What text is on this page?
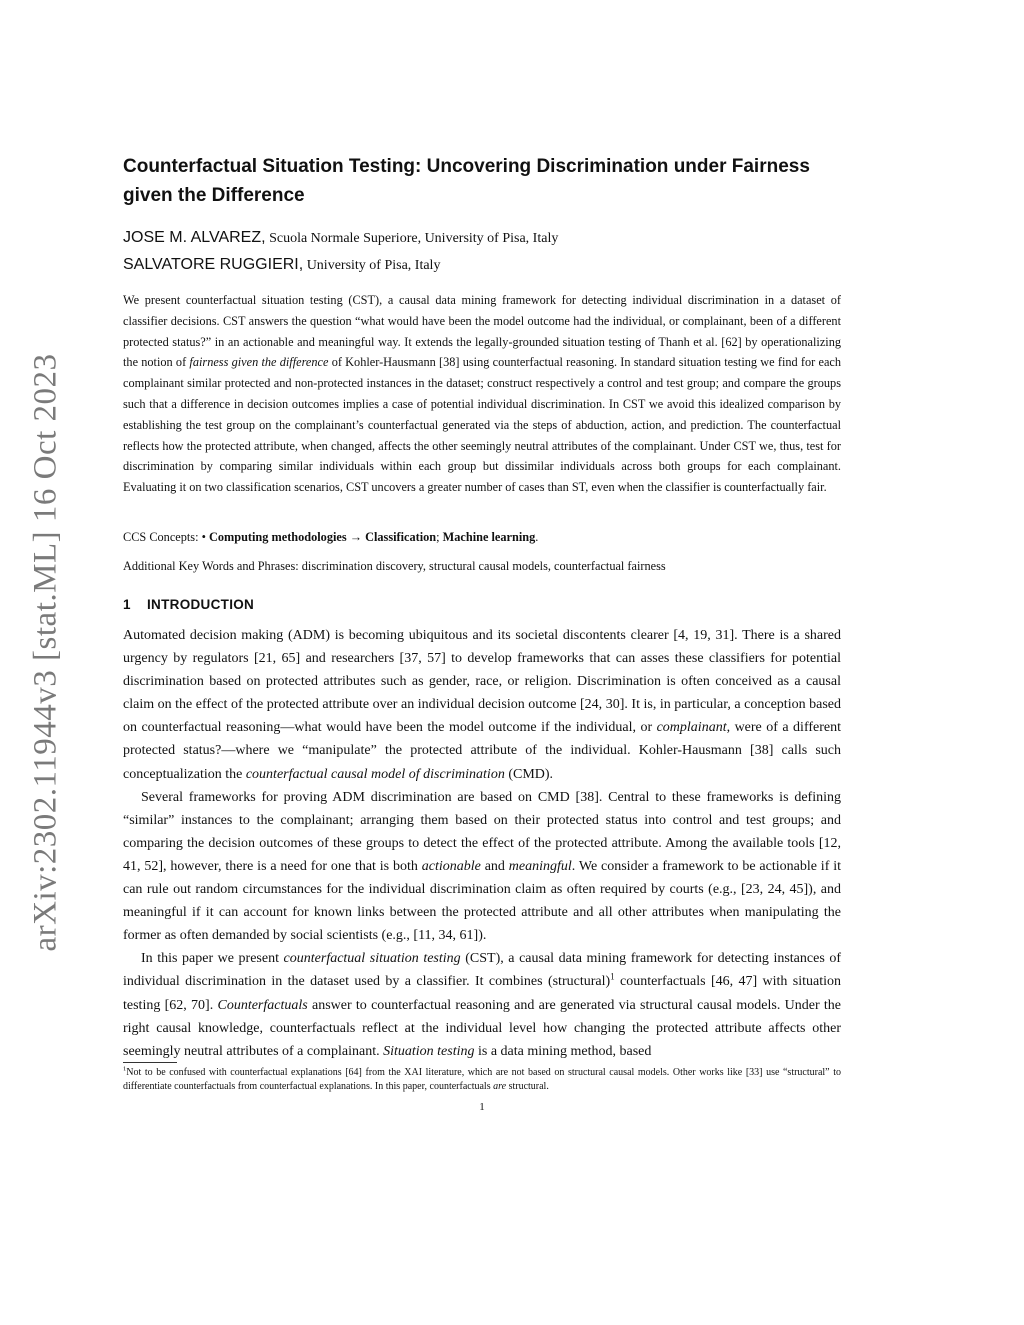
arXiv:2302.11944v3 [stat.ML] 16 Oct 2023
Counterfactual Situation Testing: Uncovering Discrimination under Fairness given the Difference
JOSE M. ALVAREZ, Scuola Normale Superiore, University of Pisa, Italy
SALVATORE RUGGIERI, University of Pisa, Italy

We present counterfactual situation testing (CST), a causal data mining framework for detecting individual discrimination in a dataset of classifier decisions. CST answers the question “what would have been the model outcome had the individual, or complainant, been of a different protected status?” in an actionable and meaningful way. It extends the legally-grounded situation testing of Thanh et al. [62] by operationalizing the notion of fairness given the difference of Kohler-Hausmann [38] using counterfactual reasoning. In standard situation testing we find for each complainant similar protected and non-protected instances in the dataset; construct respectively a control and test group; and compare the groups such that a difference in decision outcomes implies a case of potential individual discrimination. In CST we avoid this idealized comparison by establishing the test group on the complainant’s counterfactual generated via the steps of abduction, action, and prediction. The counterfactual reflects how the protected attribute, when changed, affects the other seemingly neutral attributes of the complainant. Under CST we, thus, test for discrimination by comparing similar individuals within each group but dissimilar individuals across both groups for each complainant. Evaluating it on two classification scenarios, CST uncovers a greater number of cases than ST, even when the classifier is counterfactually fair.

CCS Concepts: • Computing methodologies → Classification; Machine learning.

Additional Key Words and Phrases: discrimination discovery, structural causal models, counterfactual fairness

1 INTRODUCTION

Automated decision making (ADM) is becoming ubiquitous and its societal discontents clearer [4, 19, 31]. There is a shared urgency by regulators [21, 65] and researchers [37, 57] to develop frameworks that can asses these classifiers for potential discrimination based on protected attributes such as gender, race, or religion. Discrimination is often conceived as a causal claim on the effect of the protected attribute over an individual decision outcome [24, 30]. It is, in particular, a conception based on counterfactual reasoning—what would have been the model outcome if the individual, or complainant, were of a different protected status?—where we “manipulate” the protected attribute of the individual. Kohler-Hausmann [38] calls such conceptualization the counterfactual causal model of discrimination (CMD).

Several frameworks for proving ADM discrimination are based on CMD [38]. Central to these frameworks is defining “similar” instances to the complainant; arranging them based on their protected status into control and test groups; and comparing the decision outcomes of these groups to detect the effect of the protected attribute. Among the available tools [12, 41, 52], however, there is a need for one that is both actionable and meaningful. We consider a framework to be actionable if it can rule out random circumstances for the individual discrimination claim as often required by courts (e.g., [23, 24, 45]), and meaningful if it can account for known links between the protected attribute and all other attributes when manipulating the former as often demanded by social scientists (e.g., [11, 34, 61]).

In this paper we present counterfactual situation testing (CST), a causal data mining framework for detecting instances of individual discrimination in the dataset used by a classifier. It combines (structural)$^1$ counterfactuals [46, 47] with situation testing [62, 70]. Counterfactuals answer to counterfactual reasoning and are generated via structural causal models. Under the right causal knowledge, counterfactuals reflect at the individual level how changing the protected attribute affects other seemingly neutral attributes of a complainant. Situation testing is a data mining method, based

$^1$Not to be confused with counterfactual explanations [64] from the XAI literature, which are not based on structural causal models. Other works like [33] use “structural” to differentiate counterfactuals from counterfactual explanations. In this paper, counterfactuals are structural.

1
